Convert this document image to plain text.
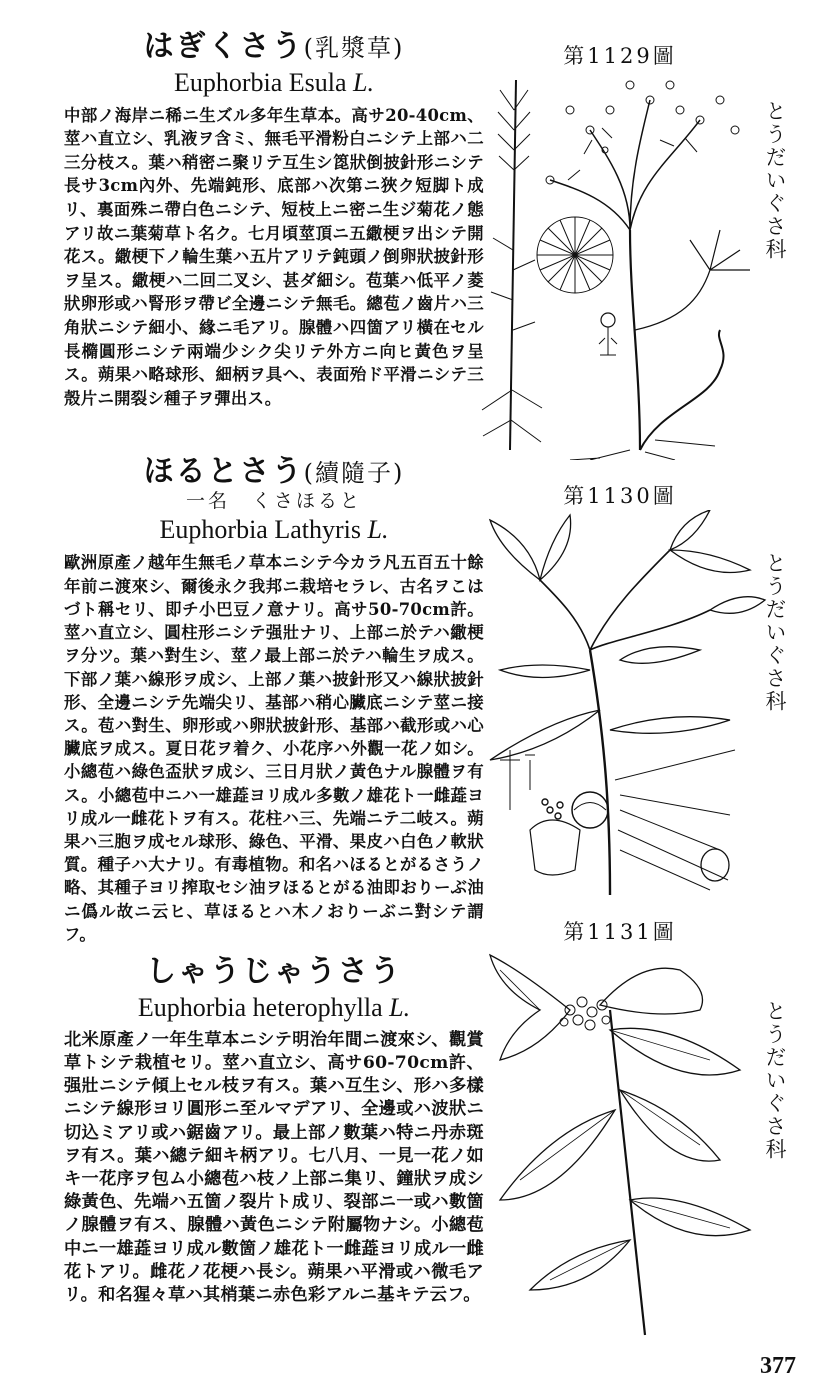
はぎくさう(乳漿草)
Euphorbia Esula L.

中部ノ海岸ニ稀ニ生ズル多年生草本。高サ20-40cm、莖ハ直立シ、乳液ヲ含ミ、無毛平滑粉白ニシテ上部ハ二三分枝ス。葉ハ稍密ニ聚リテ互生シ箆狀倒披針形ニシテ長サ3cm內外、先端鈍形、底部ハ次第ニ狹ク短脚ト成リ、裏面殊ニ帶白色ニシテ、短枝上ニ密ニ生ジ菊花ノ態アリ故ニ葉菊草ト名ク。七月頃莖頂ニ五繖梗ヲ出シテ開花ス。繖梗下ノ輪生葉ハ五片アリテ鈍頭ノ倒卵狀披針形ヲ呈ス。繖梗ハ二回二叉シ、甚ダ細シ。苞葉ハ低平ノ菱狀卵形或ハ腎形ヲ帶ビ全邊ニシテ無毛。總苞ノ齒片ハ三角狀ニシテ細小、緣ニ毛アリ。腺體ハ四箇アリ橫在セル長橢圓形ニシテ兩端少シク尖リテ外方ニ向ヒ黃色ヲ呈ス。蒴果ハ略球形、細柄ヲ具ヘ、表面殆ド平滑ニシテ三殼片ニ開裂シ種子ヲ彈出ス。

ほるとさう(續隨子)
一名 くさほると
Euphorbia Lathyris L.

歐洲原產ノ越年生無毛ノ草本ニシテ今カラ凡五百五十餘年前ニ渡來シ、爾後永ク我邦ニ栽培セラレ、古名ヲこはづト稱セリ、即チ小巴豆ノ意ナリ。高サ50-70cm許。莖ハ直立シ、圓柱形ニシテ强壯ナリ、上部ニ於テハ繖梗ヲ分ツ。葉ハ對生シ、莖ノ最上部ニ於テハ輪生ヲ成ス。下部ノ葉ハ線形ヲ成シ、上部ノ葉ハ披針形又ハ線狀披針形、全邊ニシテ先端尖リ、基部ハ稍心臟底ニシテ莖ニ接ス。苞ハ對生、卵形或ハ卵狀披針形、基部ハ截形或ハ心臟底ヲ成ス。夏日花ヲ着ク、小花序ハ外觀一花ノ如シ。小總苞ハ綠色盃狀ヲ成シ、三日月狀ノ黃色ナル腺體ヲ有ス。小總苞中ニハ一雄蕋ヨリ成ル多數ノ雄花ト一雌蕋ヨリ成ル一雌花トヲ有ス。花柱ハ三、先端ニテ二岐ス。蒴果ハ三胞ヲ成セル球形、綠色、平滑、果皮ハ白色ノ軟狀質。種子ハ大ナリ。有毒植物。和名ハほるとがるさうノ略、其種子ヨリ搾取セシ油ヲほるとがる油即おりーぶ油ニ僞ル故ニ云ヒ、草ほるとハ木ノおりーぶニ對シテ謂フ。

しゃうじゃうさう
Euphorbia heterophylla L.

北米原產ノ一年生草本ニシテ明治年間ニ渡來シ、觀賞草トシテ栽植セリ。莖ハ直立シ、高サ60-70cm許、强壯ニシテ傾上セル枝ヲ有ス。葉ハ互生シ、形ハ多樣ニシテ線形ヨリ圓形ニ至ルマデアリ、全邊或ハ波狀ニ切込ミアリ或ハ鋸齒アリ。最上部ノ數葉ハ特ニ丹赤斑ヲ有ス。葉ハ總テ細キ柄アリ。七八月、一見一花ノ如キ一花序ヲ包ム小總苞ハ枝ノ上部ニ集リ、鐘狀ヲ成シ綠黃色、先端ハ五箇ノ裂片ト成リ、裂部ニ一或ハ數箇ノ腺體ヲ有ス、腺體ハ黃色ニシテ附屬物ナシ。小總苞中ニ一雄蕋ヨリ成ル數箇ノ雄花ト一雌蕋ヨリ成ル一雌花トアリ。雌花ノ花梗ハ長シ。蒴果ハ平滑或ハ微毛アリ。和名猩々草ハ其梢葉ニ赤色彩アルニ基キテ云フ。

第1129圖
第1130圖
第1131圖
とうだいぐさ科
とうだいぐさ科
とうだいぐさ科
377
